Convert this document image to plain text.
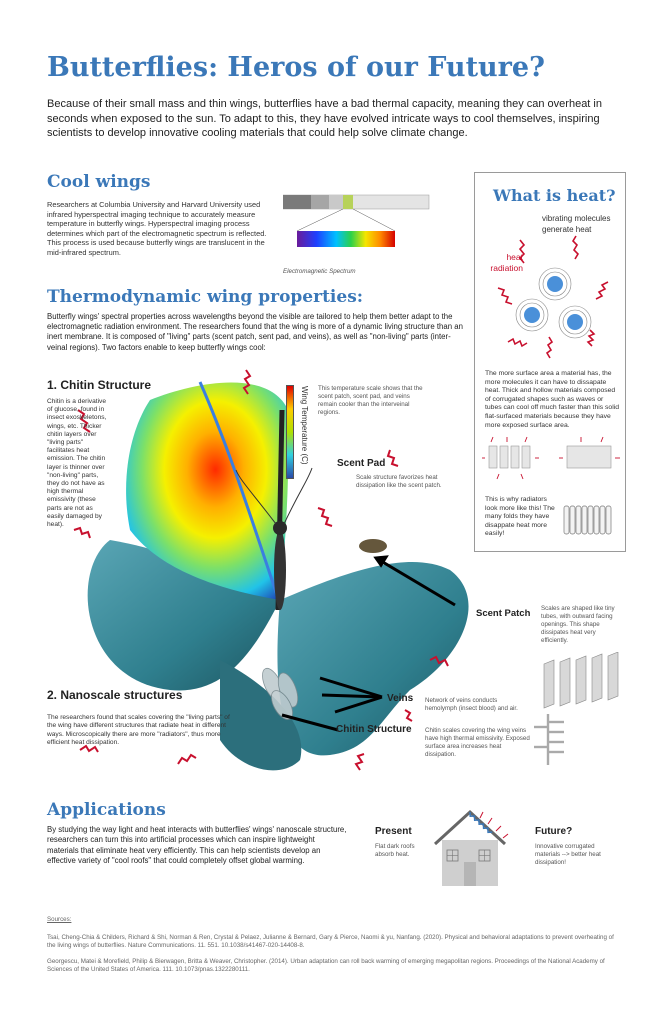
Butterflies: Heros of our Future?

Because of their small mass and thin wings, butterflies have a bad thermal capacity, meaning they can overheat in seconds when exposed to the sun. To adapt to this, they have evolved intricate ways to cool themselves, inspiring scientists to develop innovative cooling materials that could help solve climate change.

Cool wings

Researchers at Columbia University and Harvard University used infrared hyperspectral imaging technique to accurately measure temperature in butterfly wings. Hyperspectral imaging process determines which part of the electromagnetic spectrum is reflected. This process is used because butterfly wings are translucent in the mid-infrared spectrum.

Electromagnetic Spectrum
What is heat?

vibrating molecules generate heat

heat radiation

The more surface area a material has, the more molecules it can have to dissapate heat. Thick and hollow materials composed of corrugated shapes such as waves or tubes can cool off much faster than this solid flat-surfaced materials because they have more exposed surface area.

This is why radiators look more like this! The many folds they have disappate heat more easily!

Thermodynamic wing properties:

Butterfly wings' spectral properties across wavelengths beyond the visible are tailored to help them better adapt to the electromagnetic radiation environment. The researchers found that the wing is more of a dynamic living structure than an inert membrane. It is composed of "living" parts (scent patch, sent pad, and veins), as well as "non-living" parts (inter-veinal regions). Two factors enable to keep butterfly wings cool:

Wing Temperature (C) This temperature scale shows that the scent patch, scent pad, and veins remain cooler than the interveinal regions.

1. Chitin Structure

Chitin is a derivative of glucose, found in insect exoskeletons, wings, etc. Thicker chitin layers over "living parts" facilitates heat emission. The chitin layer is thinner over "non-living" parts, they do not have as high thermal emissivity (these parts are not as easily damaged by heat).

Scent Pad

Scale structure favorizes heat dissipation like the scent patch.

Scent Patch Scales are shaped like tiny tubes, with outward facing openings. This shape dissipates heat very efficiently.

2. Nanoscale structures

The researchers found that scales covering the "living parts" of the wing have different structures that radiate heat in different ways. Microscopically there are more "radiators", thus more efficient heat dissipation.

Veins Network of veins conducts hemolymph (insect blood) and air.

Chitin Structure Chitin scales covering the wing veins have high thermal emissivity. Exposed surface area increases heat dissipation.

Applications

By studying the way light and heat interacts with butterflies' wings' nanoscale structure, researchers can turn this into artificial processes which can inspire lightweight materials that eliminate heat very efficiently. This can help scientists develop an effective variety of "cool roofs" that could completely offset global warming.

Present

Flat dark roofs absorb heat.

Future?

Innovative corrugated materials --> better heat dissipation!

Sources:

Tsai, Cheng-Chia & Childers, Richard & Shi, Norman & Ren, Crystal & Pelaez, Julianne & Bernard, Gary & Pierce, Naomi & yu, Nanfang. (2020). Physical and behavioral adaptations to prevent overheating of the living wings of butterflies. Nature Communications. 11. 551. 10.1038/s41467-020-14408-8.

Georgescu, Matei & Morefield, Philip & Bierwagen, Britta & Weaver, Christopher. (2014). Urban adaptation can roll back warming of emerging megapolitan regions. Proceedings of the National Academy of Sciences of the United States of America. 111. 10.1073/pnas.1322280111.
